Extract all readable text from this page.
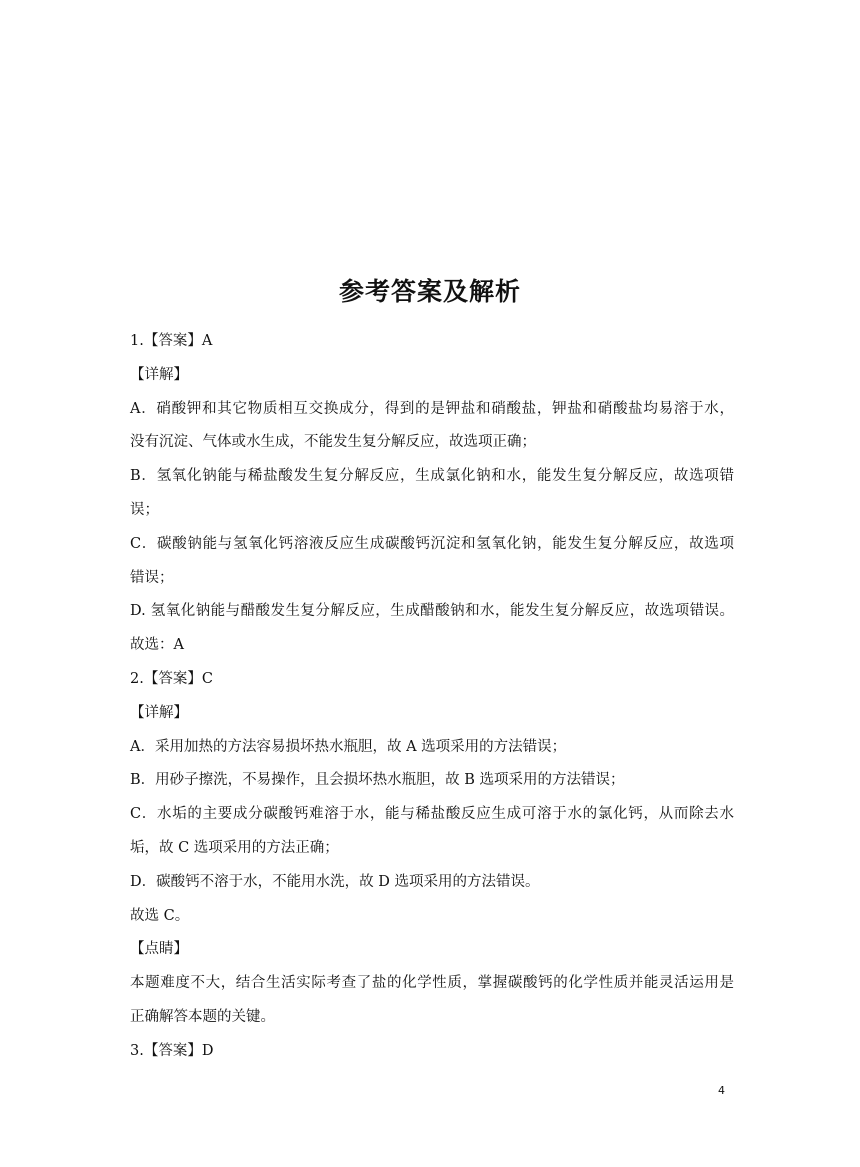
参考答案及解析

1.【答案】A

【详解】

A．硝酸钾和其它物质相互交换成分，得到的是钾盐和硝酸盐，钾盐和硝酸盐均易溶于水，

没有沉淀、气体或水生成，不能发生复分解反应，故选项正确；

B．氢氧化钠能与稀盐酸发生复分解反应，生成氯化钠和水，能发生复分解反应，故选项错

误；

C．碳酸钠能与氢氧化钙溶液反应生成碳酸钙沉淀和氢氧化钠，能发生复分解反应，故选项

错误；

D. 氢氧化钠能与醋酸发生复分解反应，生成醋酸钠和水，能发生复分解反应，故选项错误。

故选：A

2.【答案】C

【详解】

A．采用加热的方法容易损坏热水瓶胆，故 A 选项采用的方法错误；

B．用砂子擦洗，不易操作，且会损坏热水瓶胆，故 B 选项采用的方法错误；

C．水垢的主要成分碳酸钙难溶于水，能与稀盐酸反应生成可溶于水的氯化钙，从而除去水

垢，故 C 选项采用的方法正确；

D．碳酸钙不溶于水，不能用水洗，故 D 选项采用的方法错误。

故选 C。

【点睛】

本题难度不大，结合生活实际考查了盐的化学性质，掌握碳酸钙的化学性质并能灵活运用是

正确解答本题的关键。

3.【答案】D

4
